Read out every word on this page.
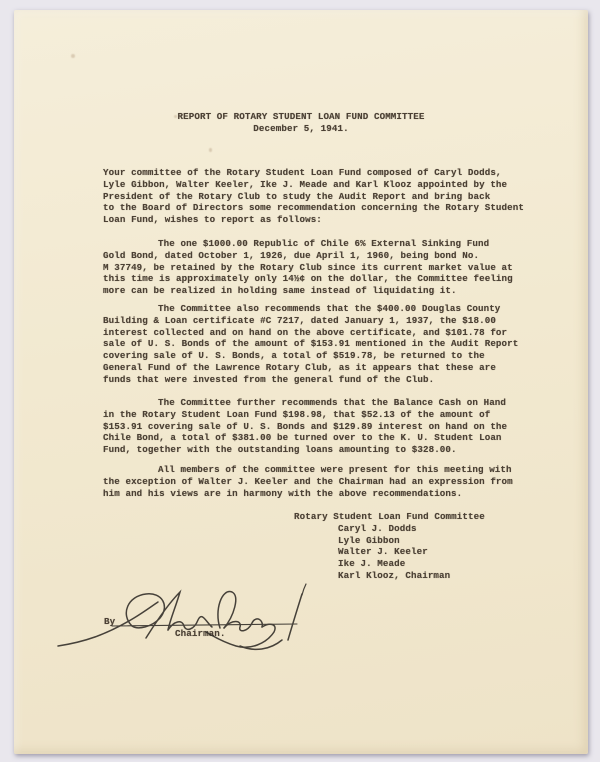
REPORT OF ROTARY STUDENT LOAN FUND COMMITTEE
December 5, 1941.
Your committee of the Rotary Student Loan Fund composed of Caryl Dodds,
Lyle Gibbon, Walter Keeler, Ike J. Meade and Karl Klooz appointed by the
President of the Rotary Club to study the Audit Report and bring back
to the Board of Directors some recommendation concerning the Rotary Student
Loan Fund, wishes to report as follows:
The one $1000.00 Republic of Chile 6% External Sinking Fund
Gold Bond, dated October 1, 1926, due April 1, 1960, being bond No.
M 37749, be retained by the Rotary Club since its current market value at
this time is approximately only 14½¢ on the dollar, the Committee feeling
more can be realized in holding same instead of liquidating it.
The Committee also recommends that the $400.00 Douglas County
Building & Loan certificate #C 7217, dated January 1, 1937, the $18.00
interest collected and on hand on the above certificate, and $101.78 for
sale of U. S. Bonds of the amount of $153.91 mentioned in the Audit Report
covering sale of U. S. Bonds, a total of $519.78, be returned to the
General Fund of the Lawrence Rotary Club, as it appears that these are
funds that were invested from the general fund of the Club.
The Committee further recommends that the Balance Cash on Hand
in the Rotary Student Loan Fund $198.98, that $52.13 of the amount of
$153.91 covering sale of U. S. Bonds and $129.89 interest on hand on the
Chile Bond, a total of $381.00 be turned over to the K. U. Student Loan
Fund, together with the outstanding loans amounting to $328.00.
All members of the committee were present for this meeting with
the exception of Walter J. Keeler and the Chairman had an expression from
him and his views are in harmony with the above recommendations.
Rotary Student Loan Fund Committee
Caryl J. Dodds
Lyle Gibbon
Walter J. Keeler
Ike J. Meade
Karl Klooz, Chairman
By
Chairman.
